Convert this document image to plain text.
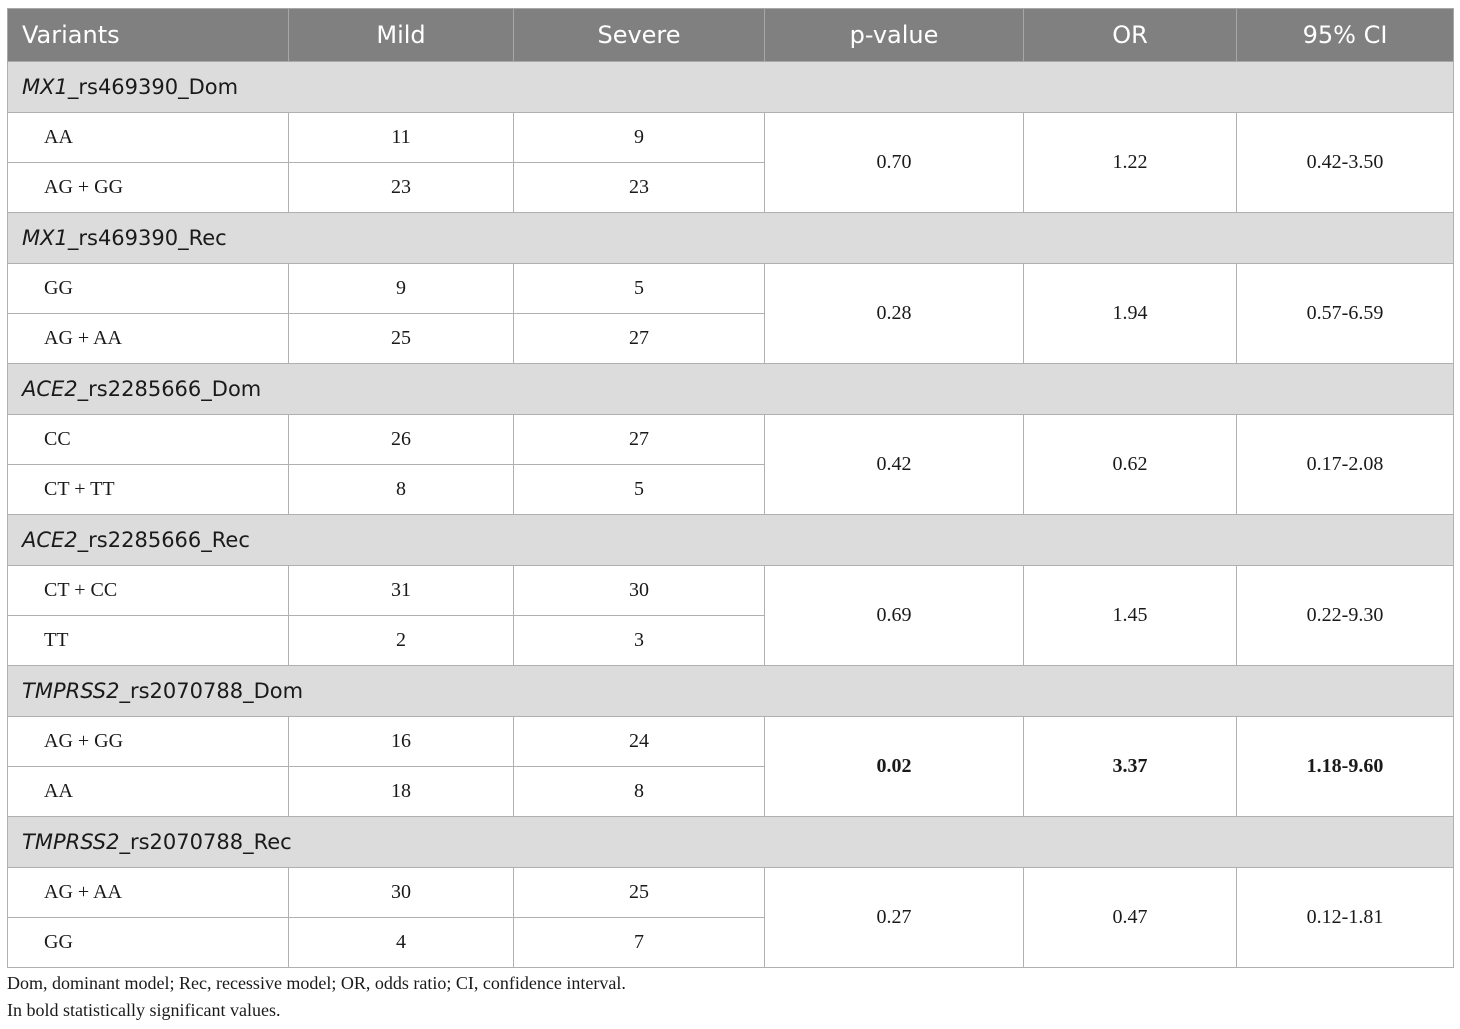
Variants	Mild	Severe	p-value	OR	95% CI
MX1_rs469390_Dom					
AA	11	9	0.70	1.22	0.42-3.50
AG + GG	23	23			
MX1_rs469390_Rec					
GG	9	5	0.28	1.94	0.57-6.59
AG + AA	25	27			
ACE2_rs2285666_Dom					
CC	26	27	0.42	0.62	0.17-2.08
CT + TT	8	5			
ACE2_rs2285666_Rec					
CT + CC	31	30	0.69	1.45	0.22-9.30
TT	2	3			
TMPRSS2_rs2070788_Dom					
AG + GG	16	24	0.02	3.37	1.18-9.60
AA	18	8			
TMPRSS2_rs2070788_Rec					
AG + AA	30	25	0.27	0.47	0.12-1.81
GG	4	7			
Dom, dominant model; Rec, recessive model; OR, odds ratio; CI, confidence interval.
In bold statistically significant values.
